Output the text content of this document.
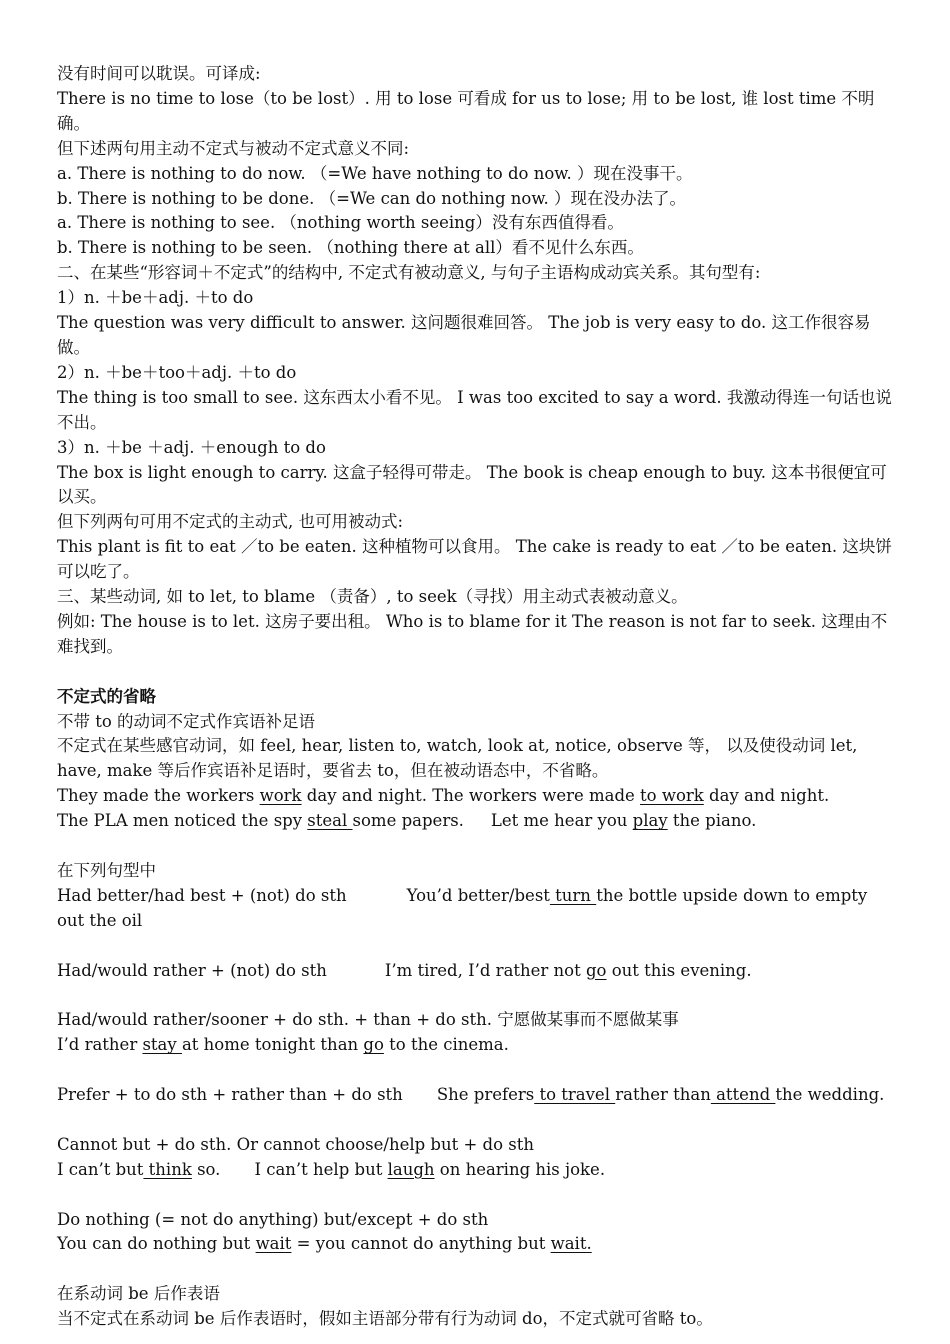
没有时间可以耽误。可译成:

There is no time to lose（to be lost）. 用 to lose 可看成 for us to lose; 用 to be lost, 谁 lost time 不明确。

但下述两句用主动不定式与被动不定式意义不同:

a. There is nothing to do now. （=We have nothing to do now. ）现在没事干。

b. There is nothing to be done. （=We can do nothing now. ）现在没办法了。

a. There is nothing to see. （nothing worth seeing）没有东西值得看。

b. There is nothing to be seen. （nothing there at all）看不见什么东西。

二、在某些“形容词＋不定式”的结构中, 不定式有被动意义, 与句子主语构成动宾关系。其句型有:

1）n. ＋be＋adj. ＋to do

The question was very difficult to answer. 这问题很难回答。 The job is very easy to do. 这工作很容易做。

2）n. ＋be＋too＋adj. ＋to do

The thing is too small to see. 这东西太小看不见。 I was too excited to say a word. 我激动得连一句话也说不出。

3）n. ＋be ＋adj. ＋enough to do

The box is light enough to carry. 这盒子轻得可带走。 The book is cheap enough to buy. 这本书很便宜可以买。

但下列两句可用不定式的主动式, 也可用被动式:

This plant is fit to eat ／to be eaten. 这种植物可以食用。 The cake is ready to eat ／to be eaten. 这块饼可以吃了。

三、某些动词, 如 to let, to blame （责备）, to seek（寻找）用主动式表被动意义。

例如: The house is to let. 这房子要出租。 Who is to blame for it The reason is not far to seek. 这理由不难找到。

不定式的省略

不带 to 的动词不定式作宾语补足语

不定式在某些感官动词，如 feel, hear, listen to, watch, look at, notice, observe 等， 以及使役动词 let, have, make 等后作宾语补足语时，要省去 to，但在被动语态中，不省略。

They made the workers work day and night. The workers were made to work day and night.

The PLA men noticed the spy steal some papers. Let me hear you play the piano.

在下列句型中

Had better/had best + (not) do sth	You’d better/best turn the bottle upside down to empty out the oil

Had/would rather + (not) do sth	I’m tired, I’d rather not go out this evening.

Had/would rather/sooner + do sth. + than + do sth. 宁愿做某事而不愿做某事

I’d rather stay at home tonight than go to the cinema.

Prefer + to do sth + rather than + do sth She prefers to travel rather than attend the wedding.

Cannot but + do sth. Or cannot choose/help but + do sth

I can’t but think so. I can’t help but laugh on hearing his joke.

Do nothing (= not do anything) but/except + do sth

You can do nothing but wait = you cannot do anything but wait.

在系动词 be 后作表语

当不定式在系动词 be 后作表语时，假如主语部分带有行为动词 do，不定式就可省略 to。
